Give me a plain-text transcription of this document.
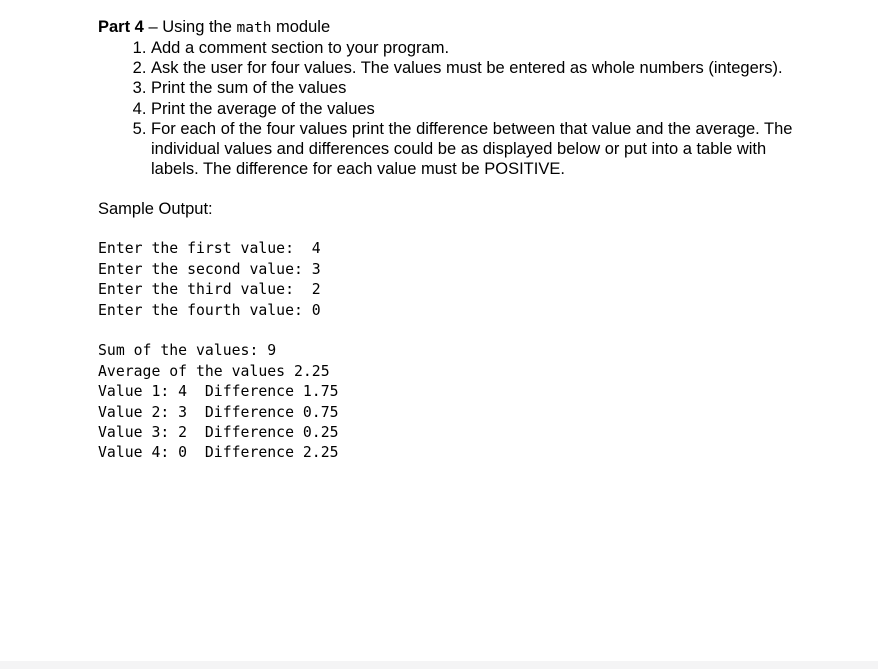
Part 4 – Using the math module

1. Add a comment section to your program.
2. Ask the user for four values. The values must be entered as whole numbers (integers).
3. Print the sum of the values
4. Print the average of the values
5. For each of the four values print the difference between that value and the average. The individual values and differences could be as displayed below or put into a table with labels. The difference for each value must be POSITIVE.

Sample Output:

Enter the first value:  4
Enter the second value: 3
Enter the third value:  2
Enter the fourth value: 0

Sum of the values: 9
Average of the values 2.25
Value 1: 4  Difference 1.75
Value 2: 3  Difference 0.75
Value 3: 2  Difference 0.25
Value 4: 0  Difference 2.25
